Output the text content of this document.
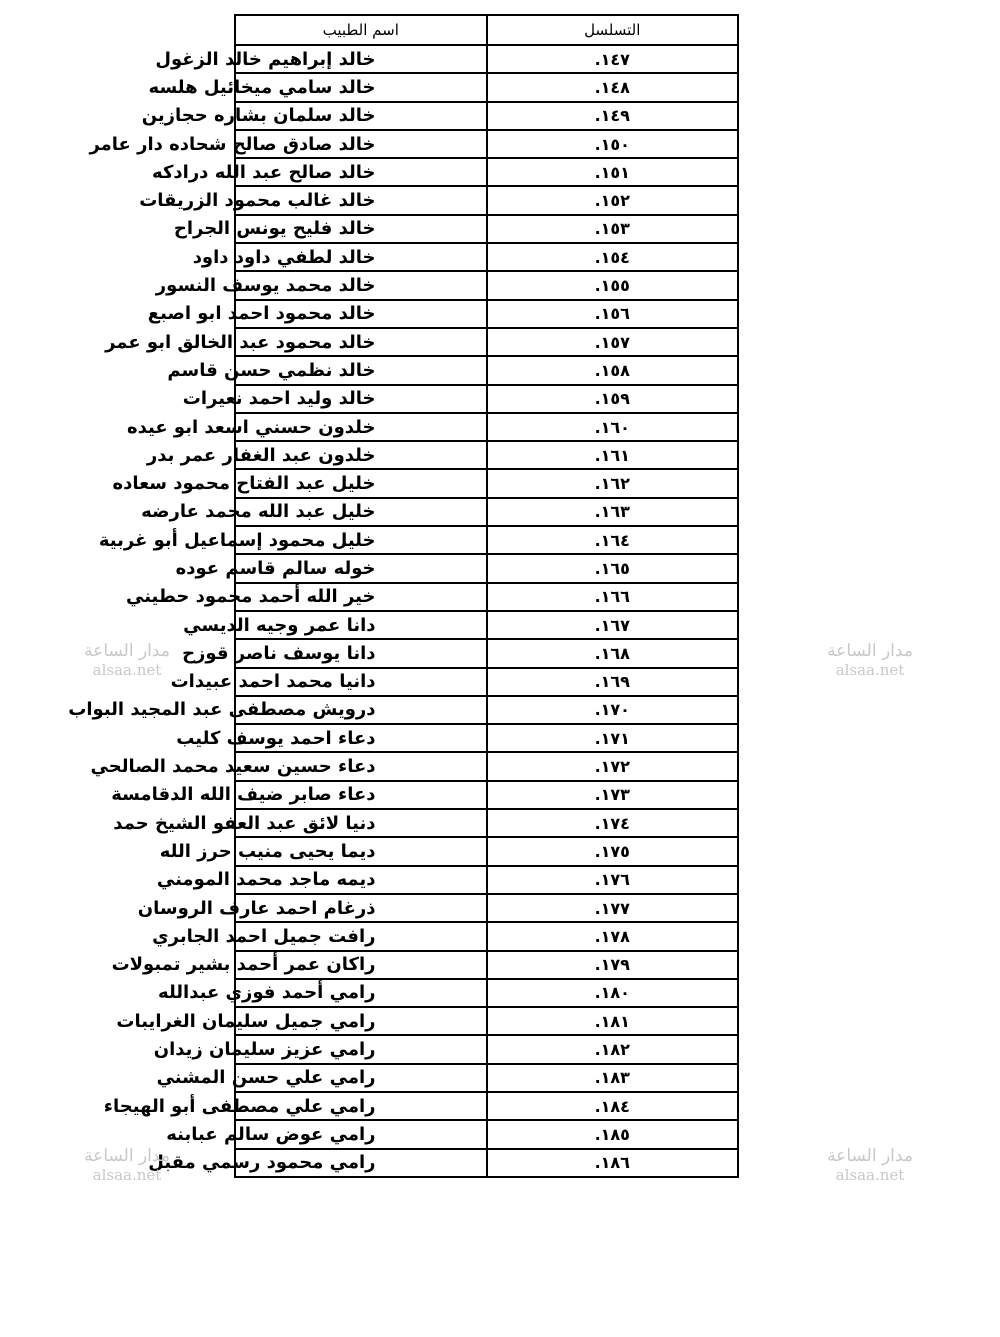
التسلسل	اسم الطبيب
١٤٧.	خالد إبراهيم خالد الزغول
١٤٨.	خالد سامي ميخائيل هلسه
١٤٩.	خالد سلمان بشاره حجازين
١٥٠.	خالد صادق صالح شحاده دار عامر
١٥١.	خالد صالح عبد الله درادكه
١٥٢.	خالد غالب محمود الزريقات
١٥٣.	خالد فليح يونس الجراح
١٥٤.	خالد لطفي داود داود
١٥٥.	خالد محمد يوسف النسور
١٥٦.	خالد محمود احمد ابو اصبع
١٥٧.	خالد محمود عبد الخالق ابو عمر
١٥٨.	خالد نظمي حسن قاسم
١٥٩.	خالد وليد احمد نعيرات
١٦٠.	خلدون حسني اسعد ابو عيده
١٦١.	خلدون عبد الغفار عمر بدر
١٦٢.	خليل عبد الفتاح محمود سعاده
١٦٣.	خليل عبد الله محمد عارضه
١٦٤.	خليل محمود إسماعيل أبو غربية
١٦٥.	خوله سالم قاسم عوده
١٦٦.	خير الله أحمد محمود حطيني
١٦٧.	دانا عمر وجيه الديسي
١٦٨.	دانا يوسف ناصر قوزح
١٦٩.	دانيا محمد احمد عبيدات
١٧٠.	درويش مصطفى عبد المجيد البواب
١٧١.	دعاء احمد يوسف كليب
١٧٢.	دعاء حسين سعيد محمد الصالحي
١٧٣.	دعاء صابر ضيف الله الدقامسة
١٧٤.	دنيا لائق عبد العفو الشيخ حمد
١٧٥.	ديما يحيى منيب حرز الله
١٧٦.	ديمه ماجد محمد المومني
١٧٧.	ذرغام احمد عارف الروسان
١٧٨.	رافت جميل احمد الجابري
١٧٩.	راكان عمر أحمد بشير تمبولات
١٨٠.	رامي أحمد فوزي عبدالله
١٨١.	رامي جميل سليمان الغرايبات
١٨٢.	رامي عزيز سليمان زيدان
١٨٣.	رامي علي حسن المشني
١٨٤.	رامي علي مصطفى أبو الهيجاء
١٨٥.	رامي عوض سالم عبابنه
١٨٦.	رامي محمود رسمي مقبل
مدار الساعة
alsaa.net
مدار الساعة
alsaa.net
مدار الساعة
alsaa.net
مدار الساعة
alsaa.net
